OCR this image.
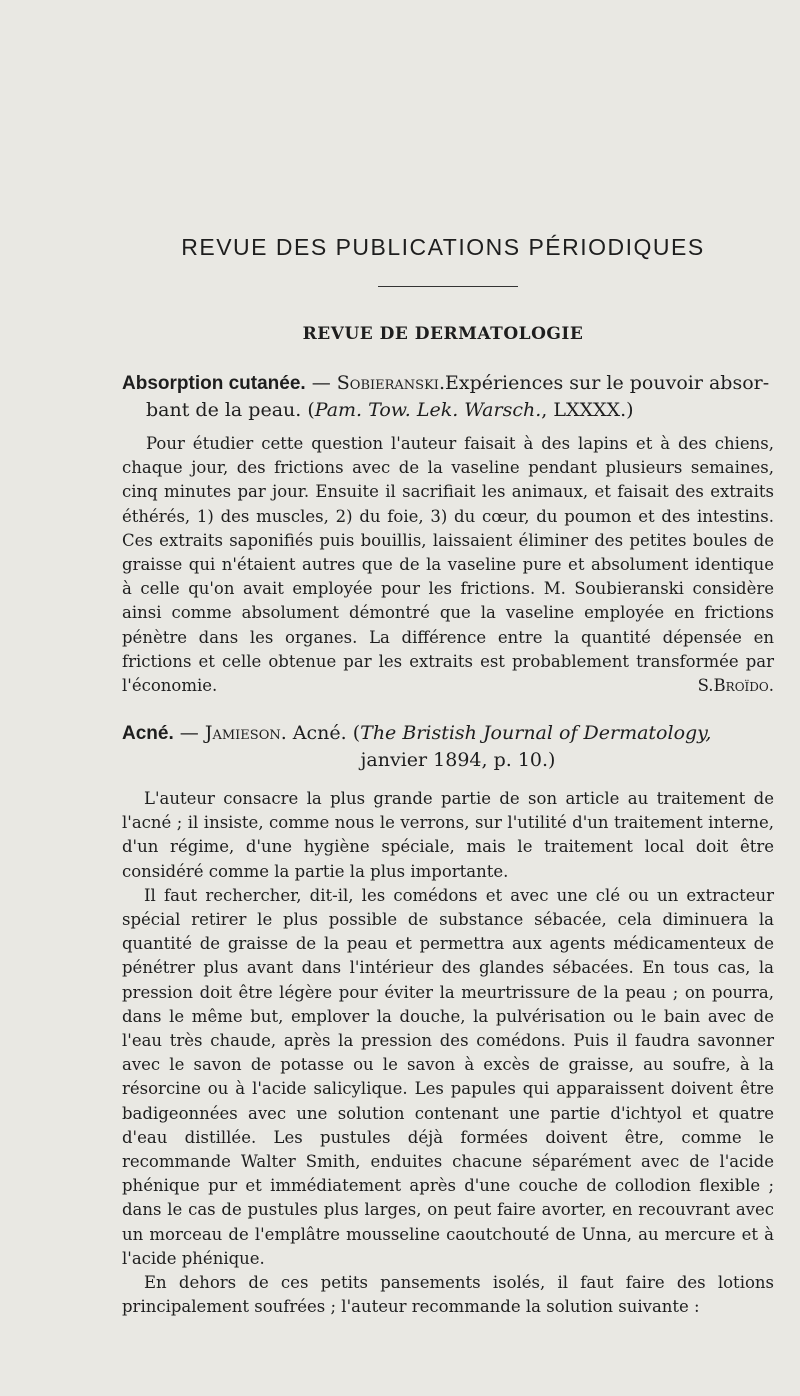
REVUE DES PUBLICATIONS PÉRIODIQUES
REVUE DE DERMATOLOGIE
Absorption cutanée. — Sobieranski.Expériences sur le pouvoir absor-
bant de la peau. (Pam. Tow. Lek. Warsch., LXXXX.)

Pour étudier cette question l'auteur faisait à des lapins et à des chiens, chaque jour, des frictions avec de la vaseline pendant plusieurs semaines, cinq minutes par jour. Ensuite il sacrifiait les animaux, et faisait des extraits éthérés, 1) des muscles, 2) du foie, 3) du cœur, du poumon et des intestins. Ces extraits saponifiés puis bouillis, laissaient éliminer des petites boules de graisse qui n'étaient autres que de la vaseline pure et absolument identique à celle qu'on avait employée pour les frictions. M. Soubieranski considère ainsi comme absolument démontré que la vaseline employée en frictions pénètre dans les organes. La différence entre la quantité dépensée en frictions et celle obtenue par les extraits est probablement transformée par l'économie.	S.Broïdo.

Acné. — Jamieson. Acné. (The Bristish Journal of Dermatology,
janvier 1894, p. 10.)

L'auteur consacre la plus grande partie de son article au traitement de l'acné ; il insiste, comme nous le verrons, sur l'utilité d'un traitement interne, d'un régime, d'une hygiène spéciale, mais le traitement local doit être considéré comme la partie la plus importante.

Il faut rechercher, dit-il, les comédons et avec une clé ou un extracteur spécial retirer le plus possible de substance sébacée, cela diminuera la quantité de graisse de la peau et permettra aux agents médicamenteux de pénétrer plus avant dans l'intérieur des glandes sébacées. En tous cas, la pression doit être légère pour éviter la meurtrissure de la peau ; on pourra, dans le même but, emplover la douche, la pulvérisation ou le bain avec de l'eau très chaude, après la pression des comédons. Puis il faudra savonner avec le savon de potasse ou le savon à excès de graisse, au soufre, à la résorcine ou à l'acide salicylique. Les papules qui apparaissent doivent être badigeonnées avec une solution contenant une partie d'ichtyol et quatre d'eau distillée. Les pustules déjà formées doivent être, comme le recommande Walter Smith, enduites chacune séparément avec de l'acide phénique pur et immédiatement après d'une couche de collodion flexible ; dans le cas de pustules plus larges, on peut faire avorter, en recouvrant avec un morceau de l'emplâtre mousseline caoutchouté de Unna, au mercure et à l'acide phénique.

En dehors de ces petits pansements isolés, il faut faire des lotions principalement soufrées ; l'auteur recommande la solution suivante :
